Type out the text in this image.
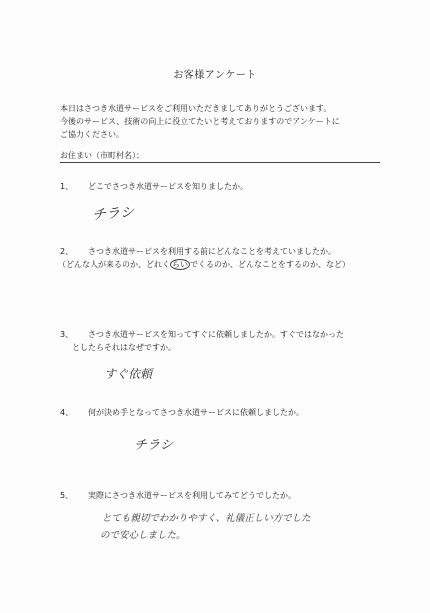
お客様アンケート
本日はさつき水道サービスをご利用いただきましてありがとうございます。
今後のサービス、技術の向上に役立てたいと考えておりますのでアンケートに
ご協力ください。
お住まい（市町村名）：
1、 どこでさつき水道サービスを知りましたか。
チラシ
2、 さつき水道サービスを利用する前にどんなことを考えていましたか。
（どんな人が来るのか、どれく らい でくるのか、どんなことをするのか、など）
3、 さつき水道サービスを知ってすぐに依頼しましたか。すぐではなかった
としたらそれはなぜですか。
すぐ依頼
4、 何が決め手となってさつき水道サービスに依頼しましたか。
チラシ
5、 実際にさつき水道サービスを利用してみてどうでしたか。
とても親切でわかりやすく、礼儀正しい方でした
ので安心しました。
